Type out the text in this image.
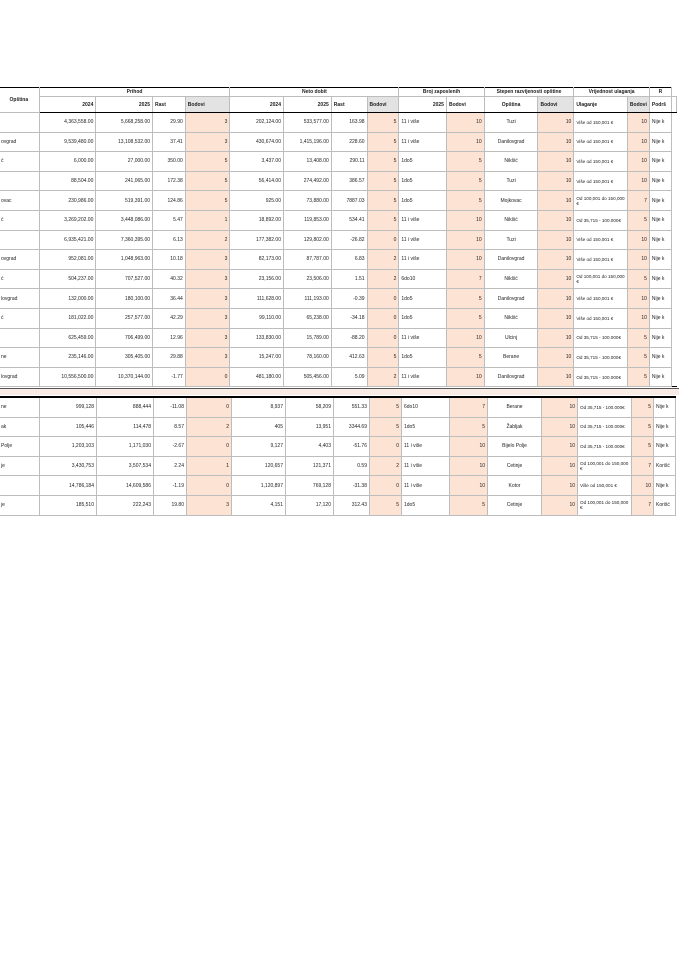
Opština	Prihod				Neto dobit				Broj zaposlenih		Stepen razvijenosti opštine		Vrijednost ulaganja		R	
	2024	2025	Rast	Bodovi	2024	2025	Rast	Bodovi	2025	Bodovi	Opština	Bodovi	Ulaganje	Bodovi	Podrš	
	4,363,558.00	5,668,258.00	29.90	3	202,124.00	533,577.00	163.98	5	11 i više	10	Tuzi	10	Više od 150,001 €	10	Nije k	
ovgrad	9,539,480.00	13,108,532.00	37.41	3	430,674.00	1,415,196.00	228.60	5	11 i više	10	Danilovgrad	10	Više od 150,001 €	10	Nije k	
ć	6,000.00	27,000.00	350.00	5	3,437.00	13,408.00	290.11	5	1do5	5	Nikšić	10	Više od 150,001 €	10	Nije k	
	88,504.00	241,065.00	172.38	5	56,414.00	274,492.00	386.57	5	1do5	5	Tuzi	10	Više od 150,001 €	10	Nije k	
ovac	230,986.00	519,391.00	124.86	5	925.00	73,880.00	7887.03	5	1do5	5	Mojkovac	10	Od 100,001 do 150,000 €	7	Nije k	
ć	3,269,202.00	3,448,086.00	5.47	1	18,892.00	119,853.00	534.41	5	11 i više	10	Nikšić	10	Od 35,715 - 100.000€	5	Nije k	
	6,935,421.00	7,360,395.00	6.13	2	177,382.00	129,802.00	-26.82	0	11 i više	10	Tuzi	10	Više od 150,001 €	10	Nije k	
ovgrad	952,081.00	1,048,963.00	10.18	3	82,173.00	87,787.00	6.83	2	11 i više	10	Danilovgrad	10	Više od 150,001 €	10	Nije k	
ć	504,237.00	707,527.00	40.32	3	23,156.00	23,506.00	1.51	2	6do10	7	Nikšić	10	Od 100,001 do 150,000 €	5	Nije k	
lovgrad	132,000.00	180,100.00	36.44	3	111,628.00	111,193.00	-0.39	0	1do5	5	Danilovgrad	10	Više od 150,001 €	10	Nije k	
ć	181,022.00	257,577.00	42.29	3	99,110.00	65,238.00	-34.18	0	1do5	5	Nikšić	10	Više od 150,001 €	10	Nije k	
	625,459.00	706,499.00	12.96	3	133,830.00	15,789.00	-88.20	0	11 i više	10	Ulcinj	10	Od 35,715 - 100.000€	5	Nije k	
ne	235,146.00	305,405.00	29.88	3	15,247.00	78,160.00	412.63	5	1do5	5	Berane	10	Od 35,715 - 100.000€	5	Nije k	
lovgrad	10,556,500.00	10,370,144.00	-1.77	0	481,180.00	505,456.00	5.09	2	11 i više	10	Danilovgrad	10	Od 35,715 - 100.000€	5	Nije k	
ne	999,128	888,444	-11.08	0	8,937	58,209	551.33	5	6do10	7	Berane	10	Od 35,715 - 100.000€	5	Nije k
ak	105,446	114,478	8.57	2	405	13,951	3344.69	5	1do5	5	Žabljak	10	Od 35,715 - 100.000€	5	Nije k
Polje	1,203,103	1,171,030	-2.67	0	9,127	4,403	-51.76	0	11 i više	10	Bijelo Polje	10	Od 35,715 - 100.000€	5	Nije k
je	3,430,753	3,507,534	2.24	1	120,657	121,371	0.59	2	11 i više	10	Cetinje	10	Od 100,001 do 150,000 €	7	Korišć
	14,786,184	14,609,586	-1.19	0	1,120,897	769,128	-31.38	0	11 i više	10	Kotor	10	Više od 150,001 €	10	Nije k
je	185,510	222,243	19.80	3	4,151	17,120	312.43	5	1do5	5	Cetinje	10	Od 100,001 do 150,000 €	7	Korišć
